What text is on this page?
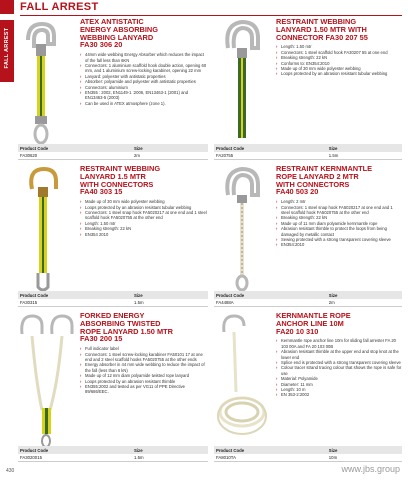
FALL ARREST
FALL ARREST
ATEX ANTISTATIC
ENERGY ABSORBING
WEBBING LANYARD
FA30 306 20
› 44mm wide webbing Energy Absorber which reduces the impact of the fall less than 6KN
› Connectors: 1 aluminium scaffold hook double action, opening 60 mm, and 1 aluminium screw-locking karabiner, opening 22 mm
› Lanyard: polyester with antistatic properties
› Absorber: polyamide and polyester with antistatic properties
› Connectors: aluminium
› EN355 : 2002, EN1149-1 :2006, EN13463-1 (2001) and EN13463-5 (2003)
› Can be used in ATEX atmosphere (zone 1).
Product Code	Size
FA30620	2m
RESTRAINT WEBBING
LANYARD 1.50 MTR WITH
CONNECTOR FA30 207 55
› Length: 1.50 mtr
› Connectors: 1 steel scaffold hook FA30207 55 at one end
› Breaking strength: 22 kN
› Conforms to: EN354:2010
› Made up of 30 mm wide polyester webbing
› Loops protected by an abrasion resistant tubular webbing
Product Code	Size
FA20755	1.5m
RESTRAINT WEBBING
LANYARD 1.5 MTR
WITH CONNECTORS
FA40 303 15
› Made up of 30 mm wide polyester webbing
› Loops protected by an abrasion resistant tubular webbing
› Connectors: 1 steel snap hook FA5020217 at one end and 1 steel scaffold hook FA5020755 at the other end
› Length: 1.50 mtr
› Breaking strength: 22 kN
› EN354 2010
Product Code	Size
FA30315	1.5m
RESTRAINT KERNMANTLE
ROPE LANYARD 2 MTR
WITH CONNECTORS
FA40 503 20
› Length: 2 mtr
› Connectors: 1 steel snap hook FA5020217 at one end and 1 steel scaffold hook FA5020755 at the other end
› Breaking strength: 22 kN
› Made up of 11 mm diam polyamide kernmantle rope
› Abrasion resistant thimble to protect the loops from being damaged by metallic contact
› Sewing protected with a strong transparent covering sleeve
› EN354:2010
Product Code	Size
FA4488A	2m
FORKED ENERGY
ABSORBING TWISTED
ROPE LANYARD 1.50 MTR
FA30 200 15
› Full indicator label
› Connectors: 1 steel screw-locking karabiner FA50101 17 at one end and 2 steel scaffold hooks FA5020755 at the other ends
› Energy absorber in 44 mm wide webbing to reduce the impact of the fall (less than 6 kN)
› Made up of 12 mm diam polyamide twisted rope lanyard
› Loops protected by an abrasion resistant thimble
› EN355:2002 and tested as per VG11 of PPE Directive 89/686/EEC.
Product Code	Size
FA3020015	1.5m
KERNMANTLE ROPE
ANCHOR LINE 10M
FA20 10 310
› Kernmantle rope anchor line 10m for sliding fall arrester FA 20 103 00A and FA 20 103 00B
› Abrasion resistant thimble at the upper end and stop knot at the lower end
› Splice end is protected with a strong transparent covering sleeve
› Colour tracer strand tracing colour that shows the rope is safe for use
› Material: Polyamide
› Diameter: 11 mm
› Length: 10 m
› EN 353-2:2002
Product Code	Size
FA8010TA	10m
430	www.jbs.group
